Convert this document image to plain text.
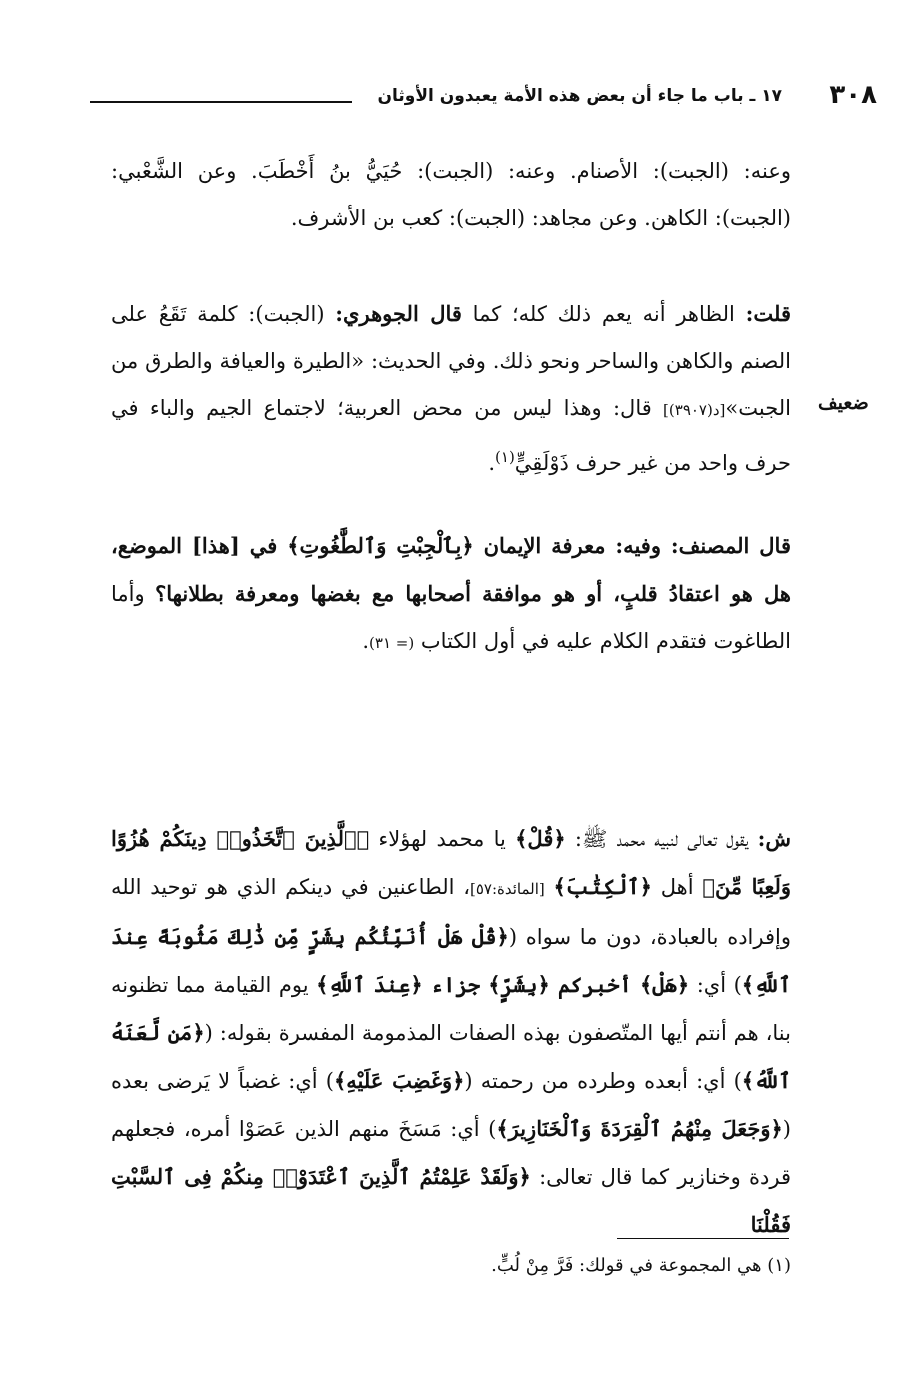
٣٠٨
١٧ ـ باب ما جاء أن بعض هذه الأمة يعبدون الأوثان
ضعيف

وعنه: (الجبت): الأصنام. وعنه: (الجبت): حُيَيُّ بنُ أَخْطَبَ. وعن الشَّعْبي: (الجبت): الكاهن. وعن مجاهد: (الجبت): كعب بن الأشرف.

قلت: الظاهر أنه يعم ذلك كله؛ كما قال الجوهري: (الجبت): كلمة تَقَعُ على الصنم والكاهن والساحر ونحو ذلك. وفي الحديث: «الطيرة والعيافة والطرق من الجبت»[د(٣٩٠٧)] قال: وهذا ليس من محض العربية؛ لاجتماع الجيم والباء في حرف واحد من غير حرف ذَوْلَقِيٍّ$^{(١)}$.

قال المصنف: وفيه: معرفة الإيمان ﴿بِٱلْجِبْتِ وَٱلطَّٰغُوتِ﴾ في [هذا] الموضع، هل هو اعتقادُ قلبٍ، أو هو موافقة أصحابها مع بغضها ومعرفة بطلانها؟ وأما الطاغوت فتقدم الكلام عليه في أول الكتاب (= ٣١).

ش: يقول تعالى لنبيه محمد ﷺ: ﴿قُلْ﴾ يا محمد لهؤلاء ﴿ٱلَّذِينَ ٱتَّخَذُوا۟ دِينَكُمْ هُزُوًا وَلَعِبًا مِّنَ﴾ أهل ﴿ٱلْكِتَٰبَ﴾ [المائدة:٥٧]، الطاعنين في دينكم الذي هو توحيد الله وإفراده بالعبادة، دون ما سواه (﴿قُلْ هَلْ أُنَبِّئُكُم بِشَرٍّ مِّن ذَٰلِكَ مَثُوبَةً عِندَ ٱللَّهِ﴾) أي: ﴿هَلْ﴾ أخبركم ﴿بِشَرٍّ﴾ جزاء ﴿عِندَ ٱللَّهِ﴾ يوم القيامة مما تظنونه بنا، هم أنتم أيها المتّصفون بهذه الصفات المذمومة المفسرة بقوله: (﴿مَن لَّعَنَهُ ٱللَّهُ﴾) أي: أبعده وطرده من رحمته (﴿وَغَضِبَ عَلَيْهِ﴾) أي: غضباً لا يَرضى بعده (﴿وَجَعَلَ مِنْهُمُ ٱلْقِرَدَةَ وَٱلْخَنَازِيرَ﴾) أي: مَسَخَ منهم الذين عَصَوْا أمره، فجعلهم قردة وخنازير كما قال تعالى: ﴿وَلَقَدْ عَلِمْتُمُ ٱلَّذِينَ ٱعْتَدَوْا۟ مِنكُمْ فِى ٱلسَّبْتِ فَقُلْنَا

(١) هي المجموعة في قولك: فَرَّ مِنْ لُبٍّ.
